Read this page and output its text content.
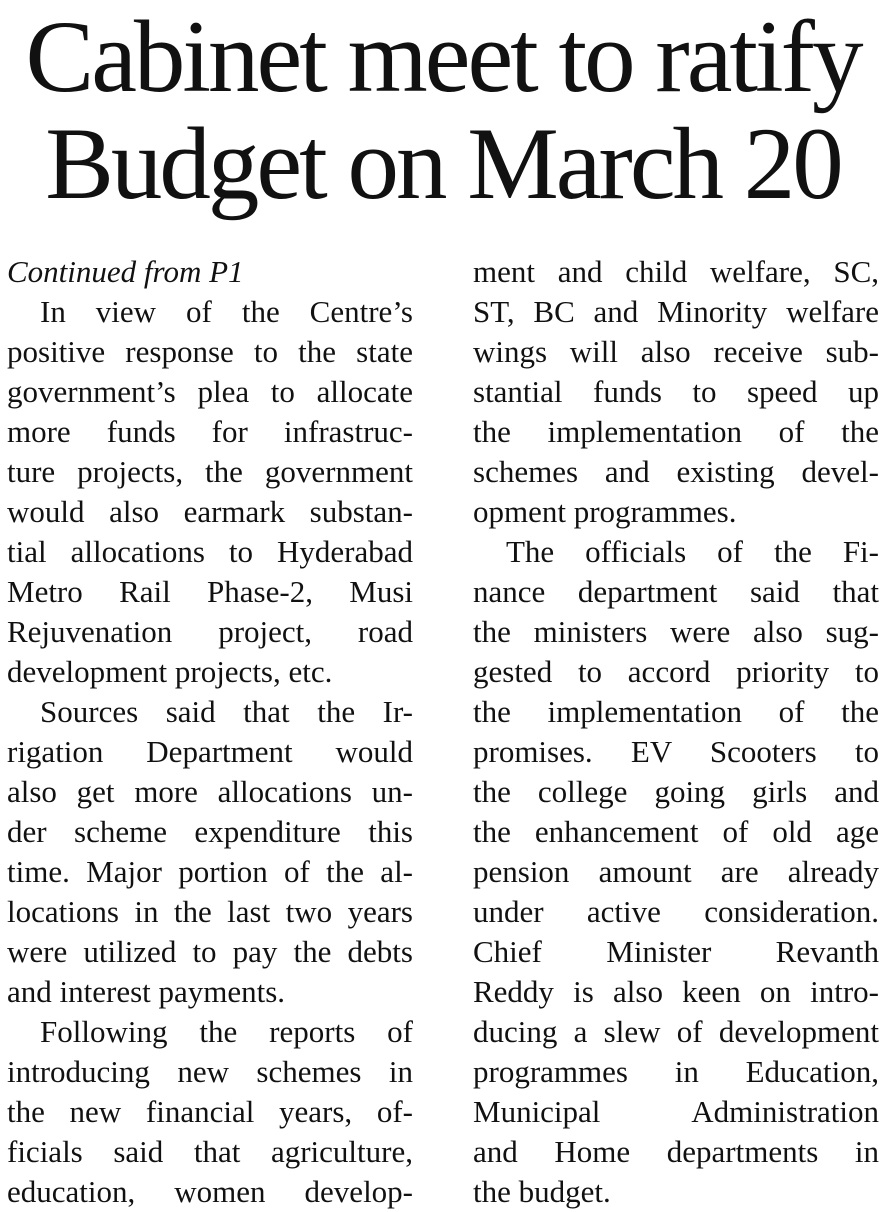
Cabinet meet to ratify
Budget on March 20
Continued from P1
In view of the Centre’s
positive response to the state
government’s plea to allocate
more funds for infrastruc-
ture projects, the government
would also earmark substan-
tial allocations to Hyderabad
Metro Rail Phase-2, Musi
Rejuvenation project, road
development projects, etc.
Sources said that the Ir-
rigation Department would
also get more allocations un-
der scheme expenditure this
time. Major portion of the al-
locations in the last two years
were utilized to pay the debts
and interest payments.
Following the reports of
introducing new schemes in
the new financial years, of-
ficials said that agriculture,
education, women develop-
ment and child welfare, SC,
ST, BC and Minority welfare
wings will also receive sub-
stantial funds to speed up
the implementation of the
schemes and existing devel-
opment programmes.
The officials of the Fi-
nance department said that
the ministers were also sug-
gested to accord priority to
the implementation of the
promises. EV Scooters to
the college going girls and
the enhancement of old age
pension amount are already
under active consideration.
Chief Minister Revanth
Reddy is also keen on intro-
ducing a slew of development
programmes in Education,
Municipal Administration
and Home departments in
the budget.
